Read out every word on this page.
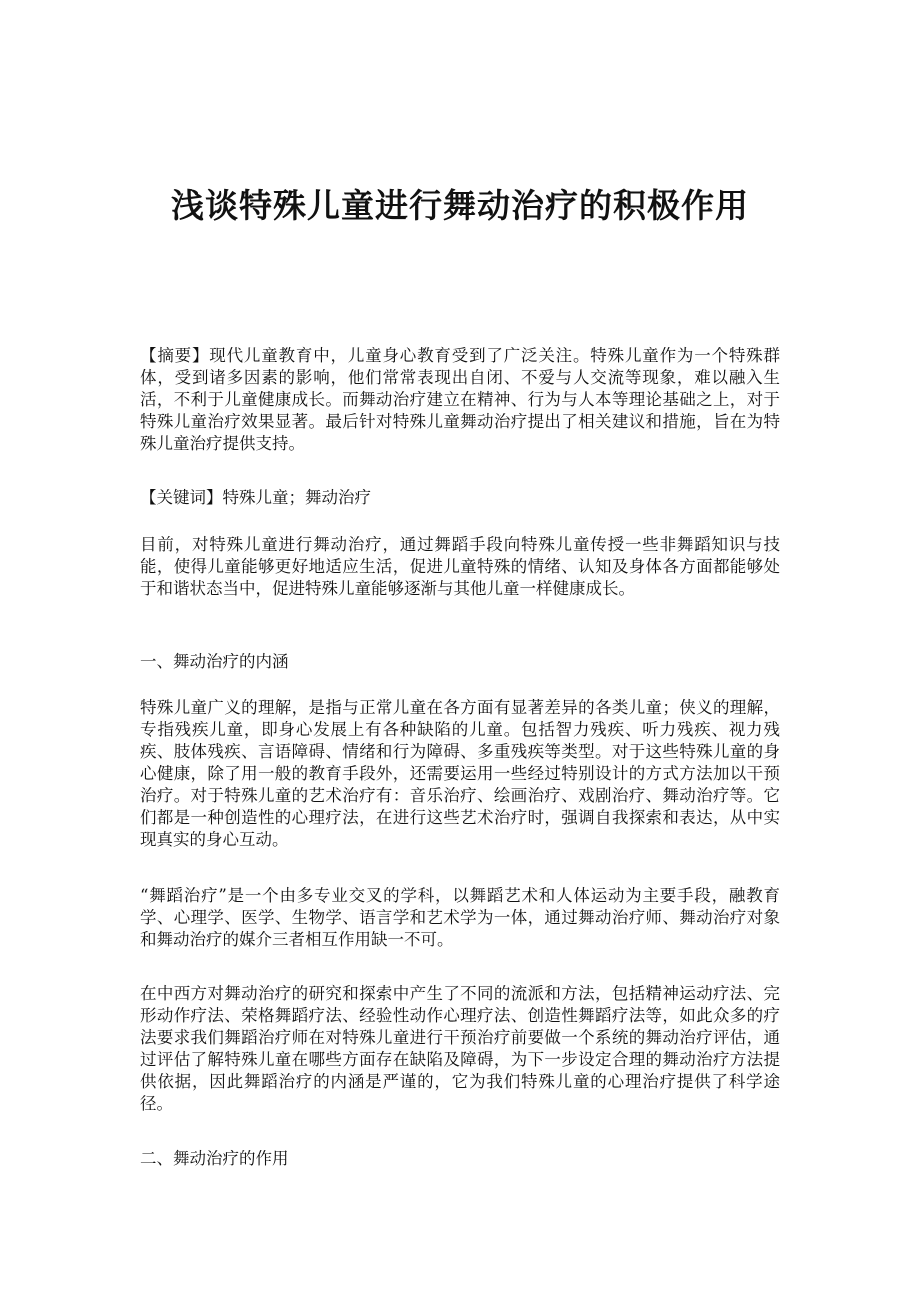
浅谈特殊儿童进行舞动治疗的积极作用

【摘要】现代儿童教育中，儿童身心教育受到了广泛关注。特殊儿童作为一个特殊群体，受到诸多因素的影响，他们常常表现出自闭、不爱与人交流等现象，难以融入生活，不利于儿童健康成长。而舞动治疗建立在精神、行为与人本等理论基础之上，对于特殊儿童治疗效果显著。最后针对特殊儿童舞动治疗提出了相关建议和措施，旨在为特殊儿童治疗提供支持。

【关键词】特殊儿童；舞动治疗

目前，对特殊儿童进行舞动治疗，通过舞蹈手段向特殊儿童传授一些非舞蹈知识与技能，使得儿童能够更好地适应生活，促进儿童特殊的情绪、认知及身体各方面都能够处于和谐状态当中，促进特殊儿童能够逐渐与其他儿童一样健康成长。

一、舞动治疗的内涵

特殊儿童广义的理解，是指与正常儿童在各方面有显著差异的各类儿童；侠义的理解，专指残疾儿童，即身心发展上有各种缺陷的儿童。包括智力残疾、听力残疾、视力残疾、肢体残疾、言语障碍、情绪和行为障碍、多重残疾等类型。对于这些特殊儿童的身心健康，除了用一般的教育手段外，还需要运用一些经过特别设计的方式方法加以干预治疗。对于特殊儿童的艺术治疗有：音乐治疗、绘画治疗、戏剧治疗、舞动治疗等。它们都是一种创造性的心理疗法，在进行这些艺术治疗时，强调自我探索和表达，从中实现真实的身心互动。

“舞蹈治疗”是一个由多专业交叉的学科，以舞蹈艺术和人体运动为主要手段，融教育学、心理学、医学、生物学、语言学和艺术学为一体，通过舞动治疗师、舞动治疗对象和舞动治疗的媒介三者相互作用缺一不可。

在中西方对舞动治疗的研究和探索中产生了不同的流派和方法，包括精神运动疗法、完形动作疗法、荣格舞蹈疗法、经验性动作心理疗法、创造性舞蹈疗法等，如此众多的疗法要求我们舞蹈治疗师在对特殊儿童进行干预治疗前要做一个系统的舞动治疗评估，通过评估了解特殊儿童在哪些方面存在缺陷及障碍，为下一步设定合理的舞动治疗方法提供依据，因此舞蹈治疗的内涵是严谨的，它为我们特殊儿童的心理治疗提供了科学途径。

二、舞动治疗的作用
